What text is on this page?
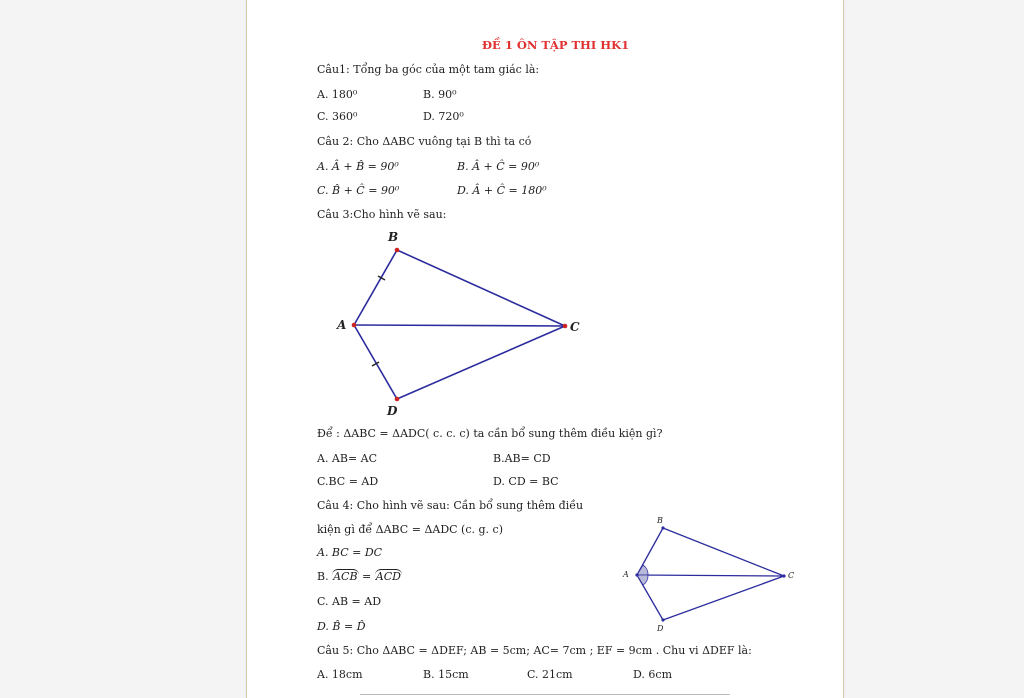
ĐỀ 1 ÔN TẬP THI HK1
Câu1: Tổng ba góc của một tam giác là:
A. 180⁰	B. 90⁰
C. 360⁰	D. 720⁰
Câu 2: Cho ΔABC vuông tại B thì ta có
A. Â + B̂ = 90⁰	B. Â + Ĉ = 90⁰
C. B̂ + Ĉ = 90⁰	D. Â + Ĉ = 180⁰
Câu 3:Cho hình vẽ sau:
B
A	C
D
Để : ΔABC = ΔADC( c. c. c) ta cần bổ sung thêm điều kiện gì?
A. AB= AC	B.AB= CD
C.BC = AD	D. CD = BC
Câu 4: Cho hình vẽ sau: Cần bổ sung thêm điều
kiện gì để ΔABC = ΔADC (c. g. c)
A. BC = DC
B. ACB = ACD
C. AB = AD
D. B̂ = D̂
B
A	C
D
Câu 5: Cho ΔABC = ΔDEF; AB = 5cm; AC= 7cm ; EF = 9cm . Chu vi ΔDEF là:
A. 18cm	B. 15cm	C. 21cm	D. 6cm
